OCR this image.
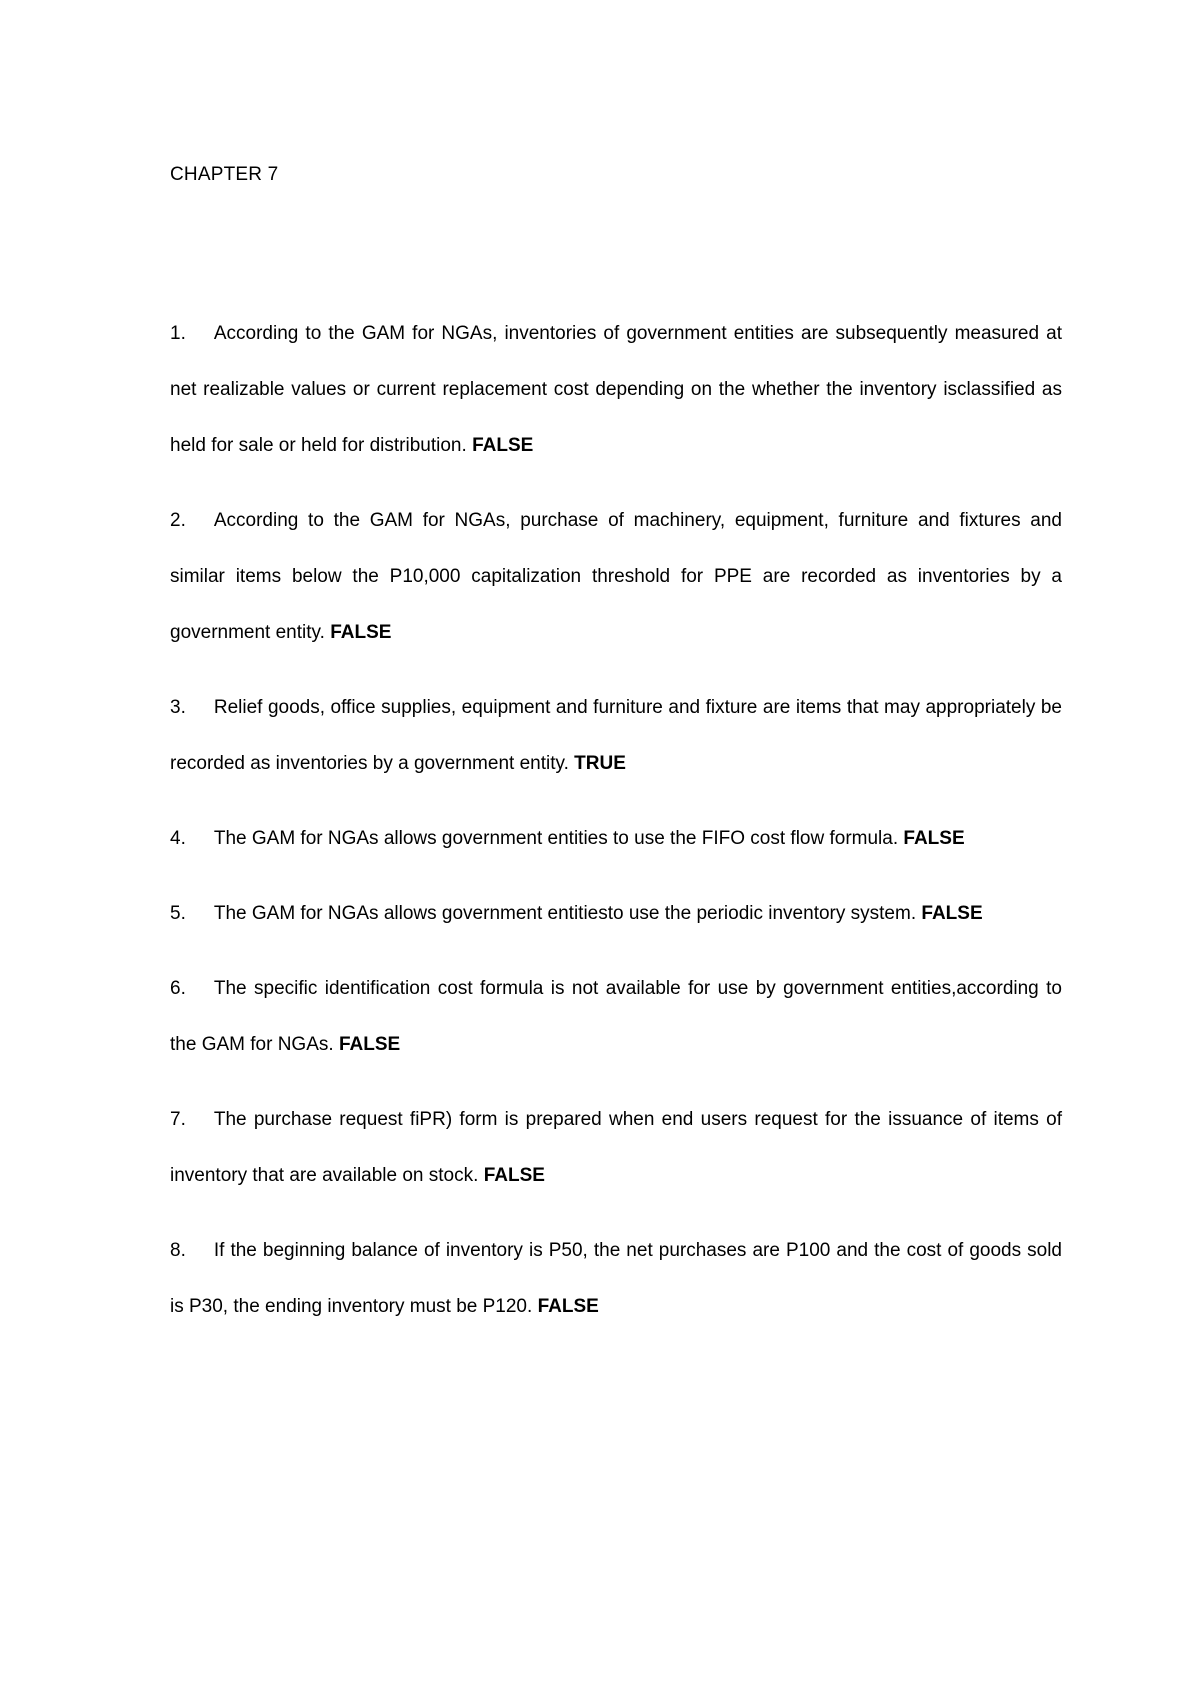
CHAPTER 7
1. According to the GAM for NGAs, inventories of government entities are subsequently measured at net realizable values or current replacement cost depending on the whether the inventory isclassified as held for sale or held for distribution. FALSE
2. According to the GAM for NGAs, purchase of machinery, equipment, furniture and fixtures and similar items below the P10,000 capitalization threshold for PPE are recorded as inventories by a government entity. FALSE
3. Relief goods, office supplies, equipment and furniture and fixture are items that may appropriately be recorded as inventories by a government entity. TRUE
4. The GAM for NGAs allows government entities to use the FIFO cost flow formula. FALSE
5. The GAM for NGAs allows government entitiesto use the periodic inventory system. FALSE
6. The specific identification cost formula is not available for use by government entities,according to the GAM for NGAs. FALSE
7. The purchase request fiPR) form is prepared when end users request for the issuance of items of inventory that are available on stock. FALSE
8. If the beginning balance of inventory is P50, the net purchases are P100 and the cost of goods sold is P30, the ending inventory must be P120. FALSE
